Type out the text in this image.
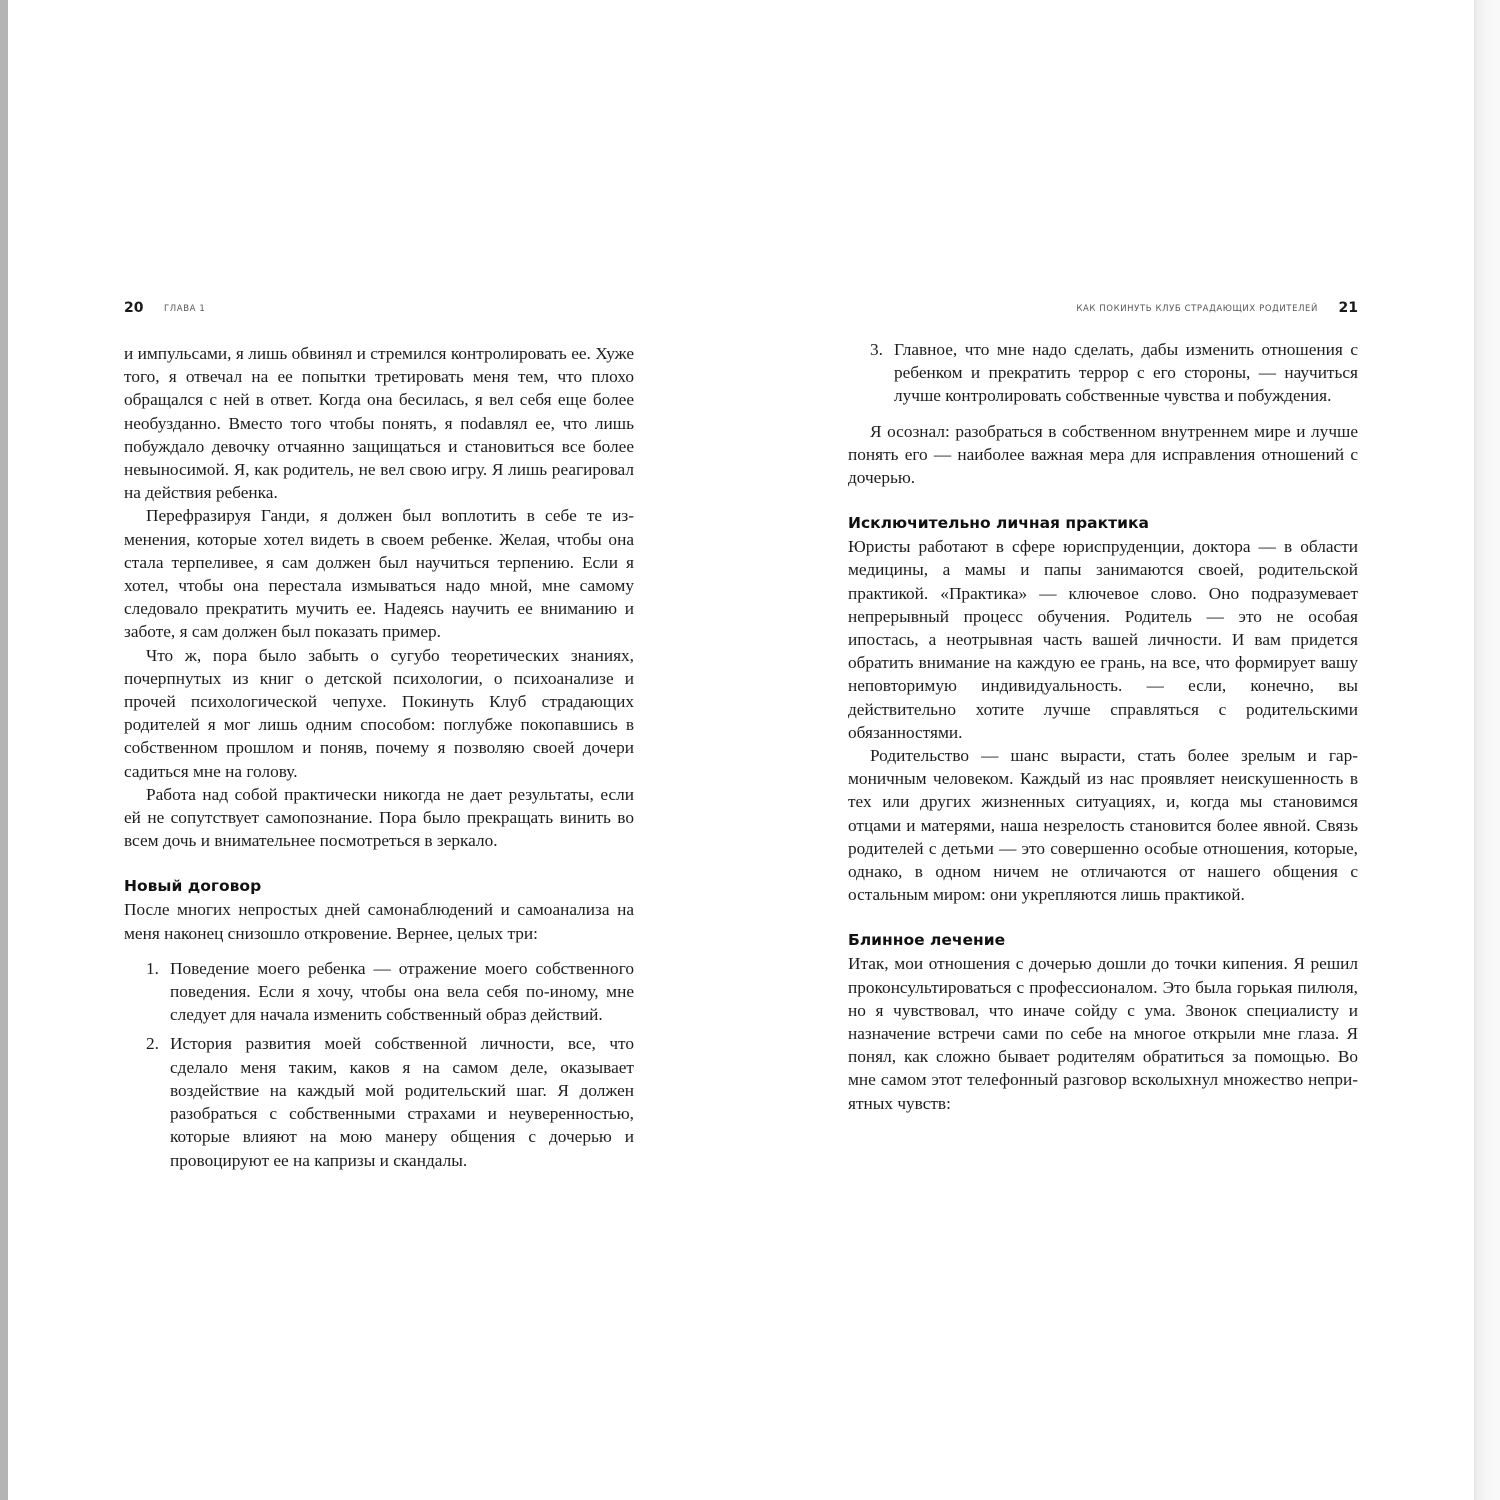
20 ГЛАВА 1

и импульсами, я лишь обвинял и стремился контролировать ее. Хуже того, я отвечал на ее попытки третировать меня тем, что плохо обращался с ней в ответ. Когда она бесилась, я вел себя еще более необузданно. Вместо того чтобы понять, я поdавлял ее, что лишь побуждало девочку отчаянно защищаться и становиться все более невыносимой. Я, как родитель, не вел свою игру. Я лишь реагировал на действия ребенка.

Перефразируя Ганди, я должен был воплотить в себе те изменения, которые хотел видеть в своем ребенке. Желая, чтобы она стала терпеливее, я сам должен был научиться терпению. Если я хотел, чтобы она перестала измываться надо мной, мне самому следовало прекратить мучить ее. Надеясь научить ее вниманию и заботе, я сам должен был показать пример.

Что ж, пора было забыть о сугубо теоретических знаниях, почерпнутых из книг о детской психологии, о психоанализе и прочей психологической чепухе. Покинуть Клуб страдающих родителей я мог лишь одним способом: поглубже покопавшись в собственном прошлом и поняв, почему я позволяю своей дочери садиться мне на голову.

Работа над собой практически никогда не дает результаты, если ей не сопутствует самопознание. Пора было прекращать винить во всем дочь и внимательнее посмотреться в зеркало.

Новый договор

После многих непростых дней самонаблюдений и самоанализа на меня наконец снизошло откровение. Вернее, целых три:

1. Поведение моего ребенка — отражение моего собственного поведения. Если я хочу, чтобы она вела себя по-иному, мне следует для начала изменить собственный образ действий.
2. История развития моей собственной личности, все, что сделало меня таким, каков я на самом деле, оказывает воздействие на каждый мой родительский шаг. Я должен разобраться с собственными страхами и неуверенностью, которые влияют на мою манеру общения с дочерью и провоцируют ее на капризы и скандалы.
КАК ПОКИНУТЬ КЛУБ СТРАДАЮЩИХ РОДИТЕЛЕЙ 21
3. Главное, что мне надо сделать, дабы изменить отношения с ребенком и прекратить террор с его стороны, — научиться лучше контролировать собственные чувства и побуждения.

Я осознал: разобраться в собственном внутреннем мире и лучше понять его — наиболее важная мера для исправления отношений с дочерью.

Исключительно личная практика

Юристы работают в сфере юриспруденции, доктора — в области медицины, а мамы и папы занимаются своей, родительской практикой. «Практика» — ключевое слово. Оно подразумевает непрерывный процесс обучения. Родитель — это не особая ипостась, а неотрывная часть вашей личности. И вам придется обратить внимание на каждую ее грань, на все, что формирует вашу неповторимую индивидуальность. — если, конечно, вы действительно хотите лучше справляться с родительскими обязанностями.

Родительство — шанс вырасти, стать более зрелым и гармоничным человеком. Каждый из нас проявляет неискушенность в тех или других жизненных ситуациях, и, когда мы становимся отцами и матерями, наша незрелость становится более явной. Связь родителей с детьми — это совершенно особые отношения, которые, однако, в одном ничем не отличаются от нашего общения с остальным миром: они укрепляются лишь практикой.

Блинное лечение

Итак, мои отношения с дочерью дошли до точки кипения. Я решил проконсультироваться с профессионалом. Это была горькая пилюля, но я чувствовал, что иначе сойду с ума. Звонок специалисту и назначение встречи сами по себе на многое открыли мне глаза. Я понял, как сложно бывает родителям обратиться за помощью. Во мне самом этот телефонный разговор всколыхнул множество неприятных чувств:
